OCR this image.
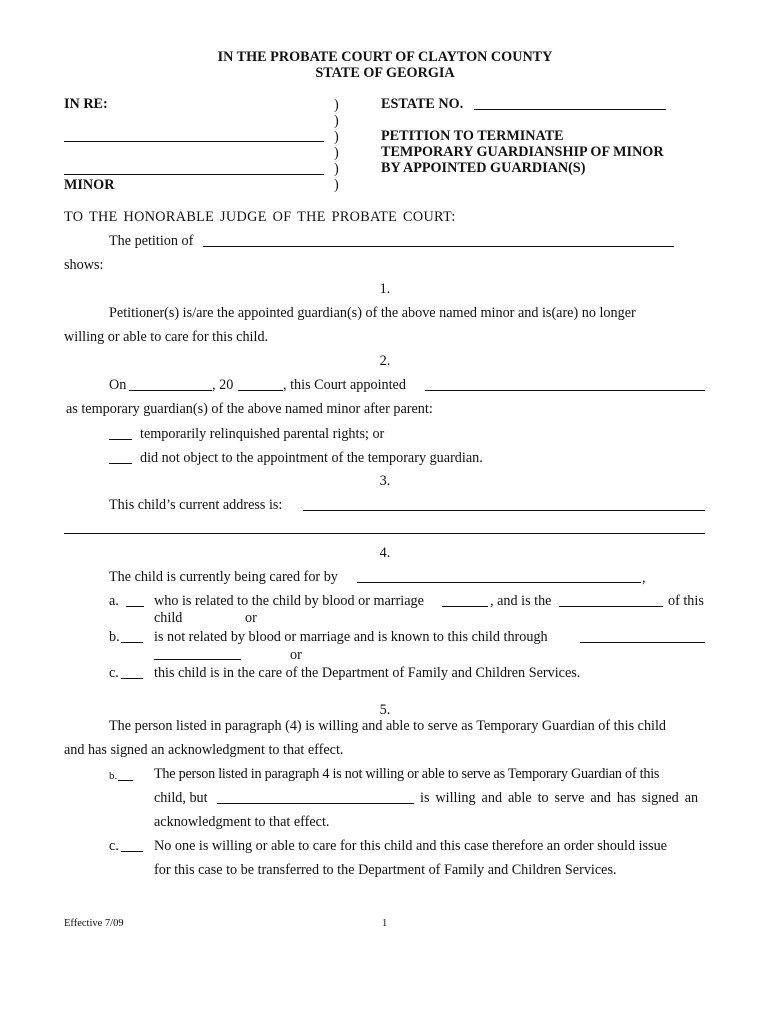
IN THE PROBATE COURT OF CLAYTON COUNTY
STATE OF GEORGIA
IN RE:
MINOR
)
)
)
)
)
)
ESTATE NO.
PETITION TO TERMINATE
TEMPORARY GUARDIANSHIP OF MINOR
BY APPOINTED GUARDIAN(S)
TO THE HONORABLE JUDGE OF THE PROBATE COURT:
The petition of
shows:
1.
Petitioner(s) is/are the appointed guardian(s) of the above named minor and is(are) no longer
willing or able to care for this child.
2.
On	, 20	, this Court appointed
as temporary guardian(s) of the above named minor after parent:
temporarily relinquished parental rights; or
did not object to the appointment of the temporary guardian.
3.
This child’s current address is:
4.
The child is currently being cared for by	,
a. who is related to the child by blood or marriage	, and is the	of this
child	or
b. is not related by blood or marriage and is known to this child through
or
c. this child is in the care of the Department of Family and Children Services.
5.
The person listed in paragraph (4) is willing and able to serve as Temporary Guardian of this child
and has signed an acknowledgment to that effect.
b.	The person listed in paragraph 4 is not willing or able to serve as Temporary Guardian of this
child, but	is willing and able to serve and has signed an
acknowledgment to that effect.
c. No one is willing or able to care for this child and this case therefore an order should issue
for this case to be transferred to the Department of Family and Children Services.
Effective 7/09	1
